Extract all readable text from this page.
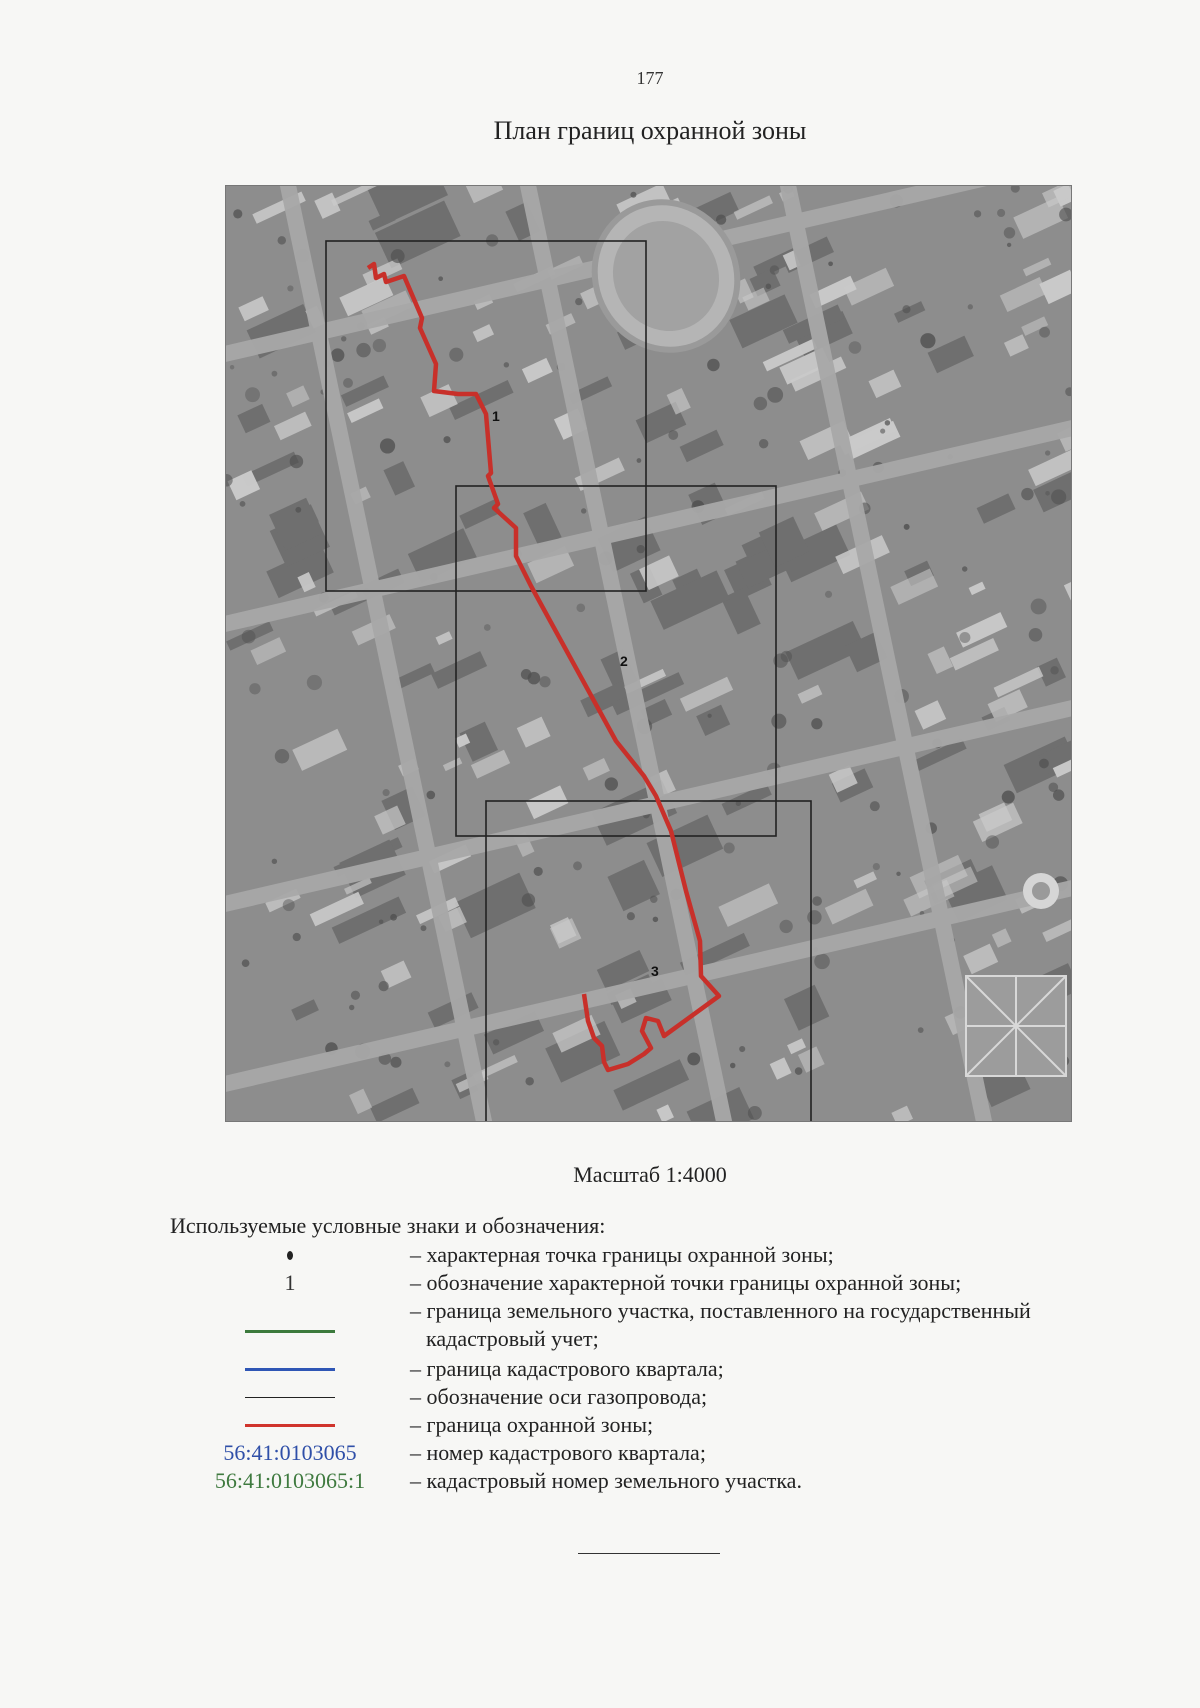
177
План границ охранной зоны
1
2
3
Масштаб 1:4000
Используемые условные знаки и обозначения:
– характерная точка границы охранной зоны;
1	– обозначение характерной точки границы охранной зоны;
– граница земельного участка, поставленного на государственный
кадастровый учет;
– граница кадастрового квартала;
– обозначение оси газопровода;
– граница охранной зоны;
56:41:0103065	– номер кадастрового квартала;
56:41:0103065:1	– кадастровый номер земельного участка.
